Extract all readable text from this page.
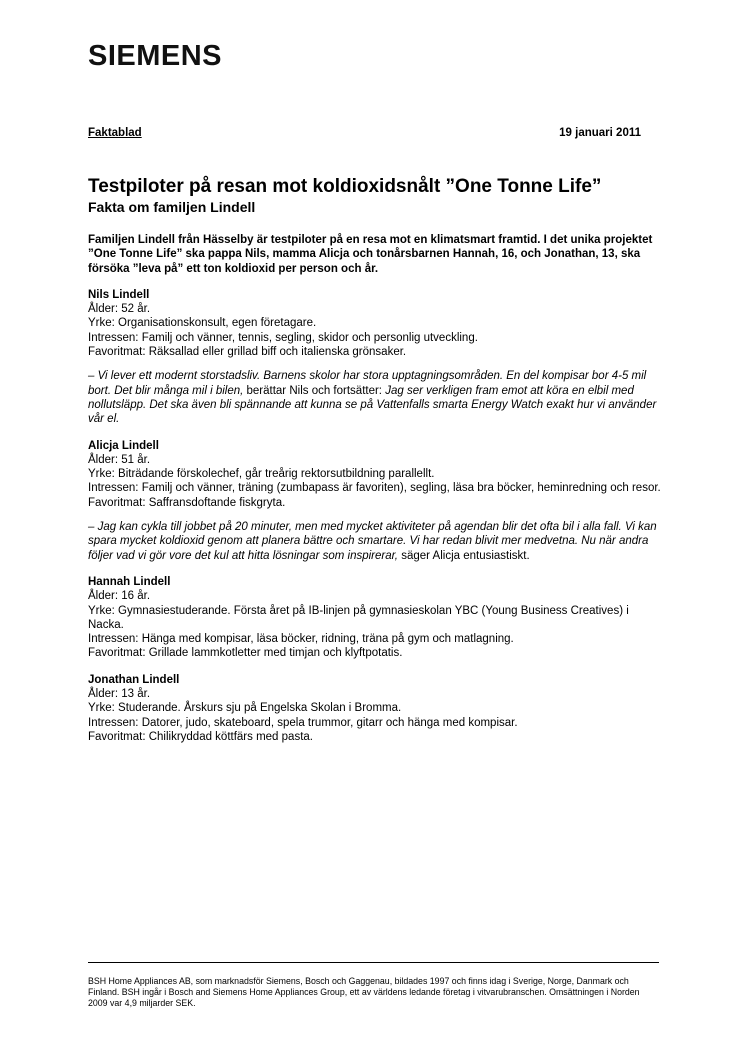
SIEMENS
Faktablad	19 januari 2011
Testpiloter på resan mot koldioxidsnålt ”One Tonne Life”
Fakta om familjen Lindell

Familjen Lindell från Hässelby är testpiloter på en resa mot en klimatsmart framtid. I det unika projektet ”One Tonne Life” ska pappa Nils, mamma Alicja och tonårsbarnen Hannah, 16, och Jonathan, 13, ska försöka ”leva på” ett ton koldioxid per person och år.

Nils Lindell
Ålder: 52 år.
Yrke: Organisationskonsult, egen företagare.
Intressen: Familj och vänner, tennis, segling, skidor och personlig utveckling.
Favoritmat: Räksallad eller grillad biff och italienska grönsaker.

– Vi lever ett modernt storstadsliv. Barnens skolor har stora upptagningsområden. En del kompisar bor 4-5 mil bort. Det blir många mil i bilen, berättar Nils och fortsätter: Jag ser verkligen fram emot att köra en elbil med nollutsläpp. Det ska även bli spännande att kunna se på Vattenfalls smarta Energy Watch exakt hur vi använder vår el.

Alicja Lindell
Ålder: 51 år.
Yrke: Biträdande förskolechef, går treårig rektorsutbildning parallellt.
Intressen: Familj och vänner, träning (zumbapass är favoriten), segling, läsa bra böcker, heminredning och resor.
Favoritmat: Saffransdoftande fiskgryta.

– Jag kan cykla till jobbet på 20 minuter, men med mycket aktiviteter på agendan blir det ofta bil i alla fall. Vi kan spara mycket koldioxid genom att planera bättre och smartare. Vi har redan blivit mer medvetna. Nu när andra följer vad vi gör vore det kul att hitta lösningar som inspirerar, säger Alicja entusiastiskt.

Hannah Lindell
Ålder: 16 år.
Yrke: Gymnasiestuderande. Första året på IB-linjen på gymnasieskolan YBC (Young Business Creatives) i Nacka.
Intressen: Hänga med kompisar, läsa böcker, ridning, träna på gym och matlagning.
Favoritmat: Grillade lammkotletter med timjan och klyftpotatis.
Jonathan Lindell
Ålder: 13 år.
Yrke: Studerande. Årskurs sju på Engelska Skolan i Bromma.
Intressen: Datorer, judo, skateboard, spela trummor, gitarr och hänga med kompisar.
Favoritmat: Chilikryddad köttfärs med pasta.
BSH Home Appliances AB, som marknadsför Siemens, Bosch och Gaggenau, bildades 1997 och finns idag i Sverige, Norge, Danmark och Finland. BSH ingår i Bosch and Siemens Home Appliances Group, ett av världens ledande företag i vitvarubranschen. Omsättningen i Norden 2009 var 4,9 miljarder SEK.
